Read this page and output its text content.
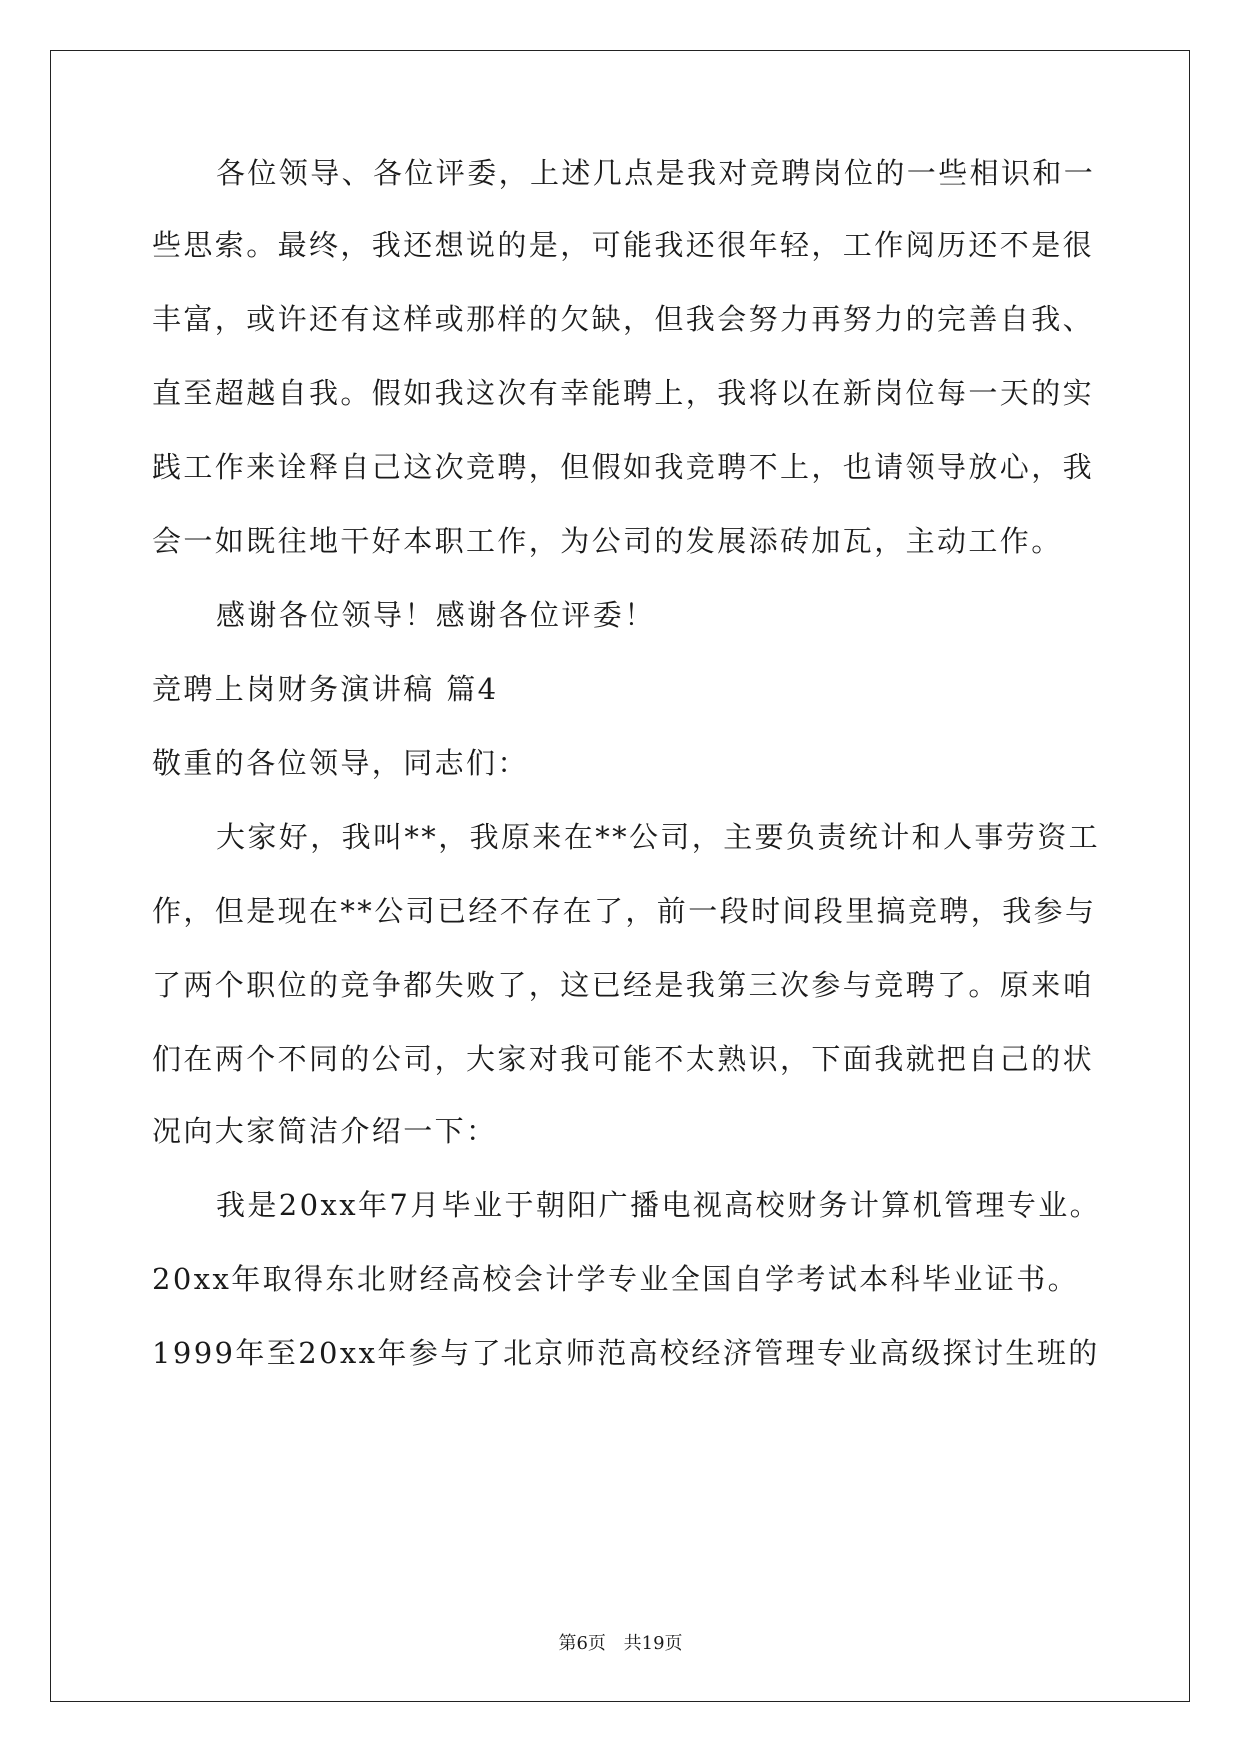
各位领导、各位评委，上述几点是我对竞聘岗位的一些相识和一
些思索。最终，我还想说的是，可能我还很年轻，工作阅历还不是很
丰富，或许还有这样或那样的欠缺，但我会努力再努力的完善自我、
直至超越自我。假如我这次有幸能聘上，我将以在新岗位每一天的实
践工作来诠释自己这次竞聘，但假如我竞聘不上，也请领导放心，我
会一如既往地干好本职工作，为公司的发展添砖加瓦，主动工作。
感谢各位领导！感谢各位评委！
竞聘上岗财务演讲稿 篇4
敬重的各位领导，同志们：
大家好，我叫**，我原来在**公司，主要负责统计和人事劳资工
作，但是现在**公司已经不存在了，前一段时间段里搞竞聘，我参与
了两个职位的竞争都失败了，这已经是我第三次参与竞聘了。原来咱
们在两个不同的公司，大家对我可能不太熟识，下面我就把自己的状
况向大家简洁介绍一下：
我是20xx年7月毕业于朝阳广播电视高校财务计算机管理专业。
20xx年取得东北财经高校会计学专业全国自学考试本科毕业证书。
1999年至20xx年参与了北京师范高校经济管理专业高级探讨生班的
第6页 共19页
